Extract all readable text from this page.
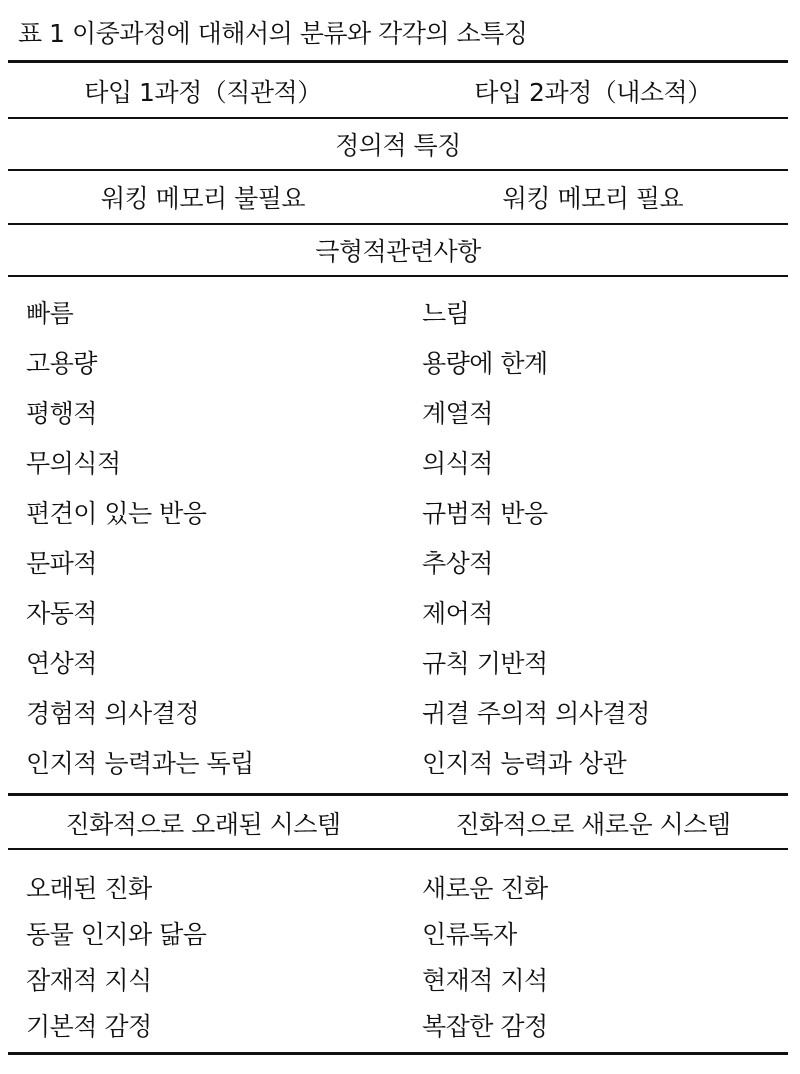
표 1 이중과정에 대해서의 분류와 각각의 소특징
타입 1과정（직관적）	타입 2과정（내소적）
정의적 특징
워킹 메모리 불필요	워킹 메모리 필요
극형적관련사항
빠름	느림
고용량	용량에 한계
평행적	계열적
무의식적	의식적
편견이 있는 반응	규범적 반응
문파적	추상적
자동적	제어적
연상적	규칙 기반적
경험적 의사결정	귀결 주의적 의사결정
인지적 능력과는 독립	인지적 능력과 상관
진화적으로 오래된 시스템	진화적으로 새로운 시스템
오래된 진화	새로운 진화
동물 인지와 닮음	인류독자
잠재적 지식	현재적 지석
기본적 감정	복잡한 감정
